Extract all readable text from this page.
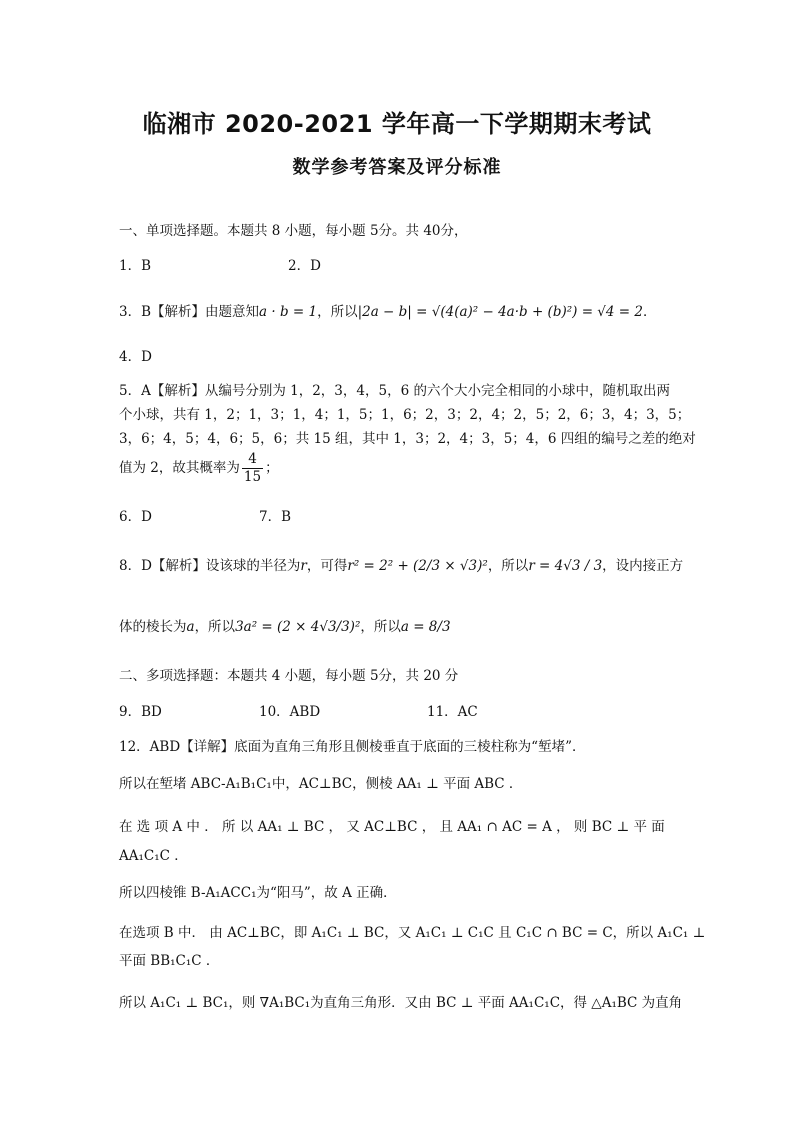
临湘市 2020-2021 学年高一下学期期末考试
数学参考答案及评分标准
一、单项选择题。本题共 8 小题，每小题 5分。共 40分，
1．B	2．D
3．B【解析】由题意知a · b = 1，所以|2a − b| = √(4(a)² − 4a·b + (b)²) = √4 = 2．
4．D
5．A【解析】从编号分别为 1，2，3，4，5，6 的六个大小完全相同的小球中，随机取出两
个小球，共有 1，2；1，3；1，4；1，5；1，6；2，3；2，4；2，5；2，6；3，4；3，5；
3，6；4，5；4，6；5，6；共 15 组，其中 1，3；2，4；3，5；4，6 四组的编号之差的绝对
值为 2，故其概率为 $\frac{4}{15}$ ；
6．D	7．B
8．D【解析】设该球的半径为r，可得r² = 2² + (2/3 × √3)²，所以r = 4√3 / 3，设内接正方
体的棱长为a，所以3a² = (2 × 4√3/3)²，所以a = 8/3
二、多项选择题：本题共 4 小题，每小题 5分，共 20 分
9．BD	10．ABD	11．AC
12．ABD【详解】底面为直角三角形且侧棱垂直于底面的三棱柱称为“堑堵”．
所以在堑堵 ABC-A₁B₁C₁中，AC⊥BC，侧棱 AA₁ ⊥ 平面 ABC ．
在 选 项 A 中 ． 所 以 AA₁ ⊥ BC ， 又 AC⊥BC ， 且 AA₁ ∩ AC = A ， 则 BC ⊥ 平 面
AA₁C₁C ．
所以四棱锥 B-A₁ACC₁为“阳马”，故 A 正确．
在选项 B 中． 由 AC⊥BC，即 A₁C₁ ⊥ BC，又 A₁C₁ ⊥ C₁C 且 C₁C ∩ BC = C，所以 A₁C₁ ⊥
平面 BB₁C₁C ．
所以 A₁C₁ ⊥ BC₁，则 ∇A₁BC₁为直角三角形．又由 BC ⊥ 平面 AA₁C₁C，得 △A₁BC 为直角
